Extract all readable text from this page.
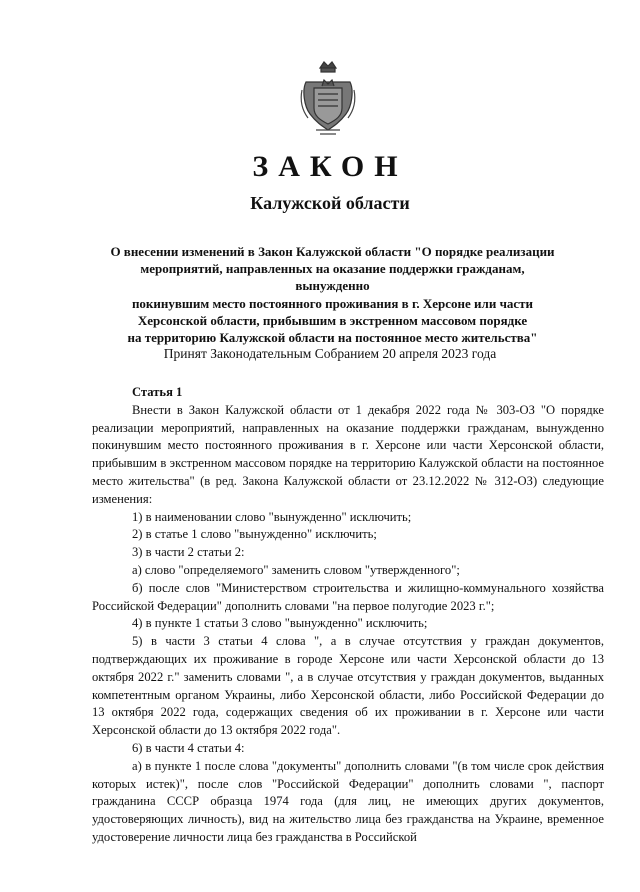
ЗАКОН
Калужской области
О внесении изменений в Закон Калужской области "О порядке реализации
мероприятий, направленных на оказание поддержки гражданам, вынужденно
покинувшим место постоянного проживания в г. Херсоне или части
Херсонской области, прибывшим в экстренном массовом порядке
на территорию Калужской области на постоянное место жительства"
Принят Законодательным Собранием 20 апреля 2023 года
Статья 1

Внести в Закон Калужской области от 1 декабря 2022 года № 303-ОЗ "О порядке реализации мероприятий, направленных на оказание поддержки гражданам, вынужденно покинувшим место постоянного проживания в г. Херсоне или части Херсонской области, прибывшим в экстренном массовом порядке на территорию Калужской области на постоянное место жительства" (в ред. Закона Калужской области от 23.12.2022 № 312-ОЗ) следующие изменения:

1) в наименовании слово "вынужденно" исключить;
2) в статье 1 слово "вынужденно" исключить;
3) в части 2 статьи 2:
а) слово "определяемого" заменить словом "утвержденного";

б) после слов "Министерством строительства и жилищно-коммунального хозяйства Российской Федерации" дополнить словами "на первое полугодие 2023 г.";

4) в пункте 1 статьи 3 слово "вынужденно" исключить;

5) в части 3 статьи 4 слова ", а в случае отсутствия у граждан документов, подтверждающих их проживание в городе Херсоне или части Херсонской области до 13 октября 2022 г." заменить словами ", а в случае отсутствия у граждан документов, выданных компетентным органом Украины, либо Херсонской области, либо Российской Федерации до 13 октября 2022 года, содержащих сведения об их проживании в г. Херсоне или части Херсонской области до 13 октября 2022 года".

6) в части 4 статьи 4:

а) в пункте 1 после слова "документы" дополнить словами "(в том числе срок действия которых истек)", после слов "Российской Федерации" дополнить словами ", паспорт гражданина СССР образца 1974 года (для лиц, не имеющих других документов, удостоверяющих личность), вид на жительство лица без гражданства на Украине, временное удостоверение личности лица без гражданства в Российской
